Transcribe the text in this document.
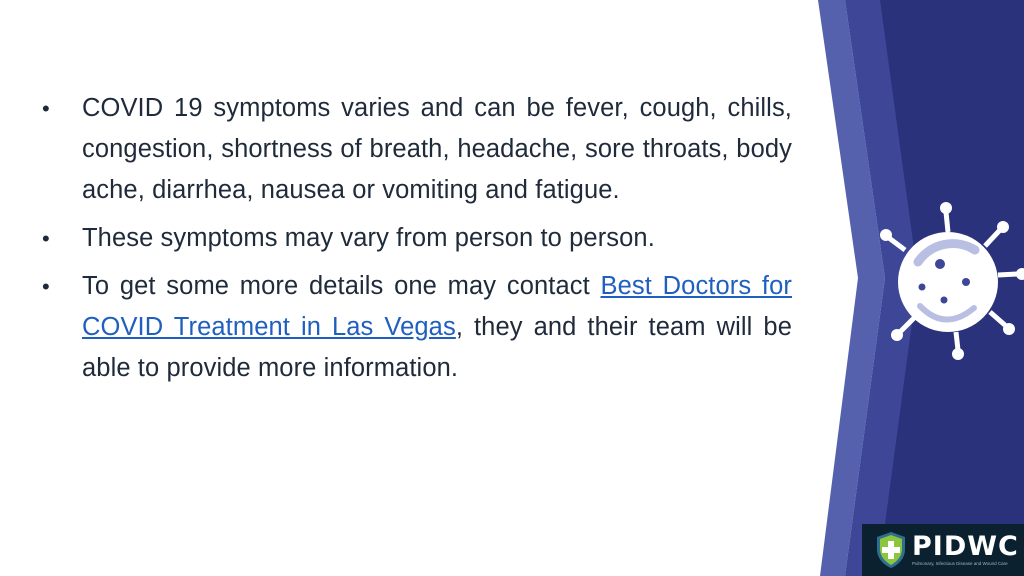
•	COVID 19 symptoms varies and can be fever, cough, chills, congestion, shortness of breath, headache, sore throats, body ache, diarrhea, nausea or vomiting and fatigue.
•	These symptoms may vary from person to person.
•	To get some more details one may contact Best Doctors for COVID Treatment in Las Vegas, they and their team will be able to provide more information.
PIDWC
Pulmonary, Infectious Disease and Wound Care
